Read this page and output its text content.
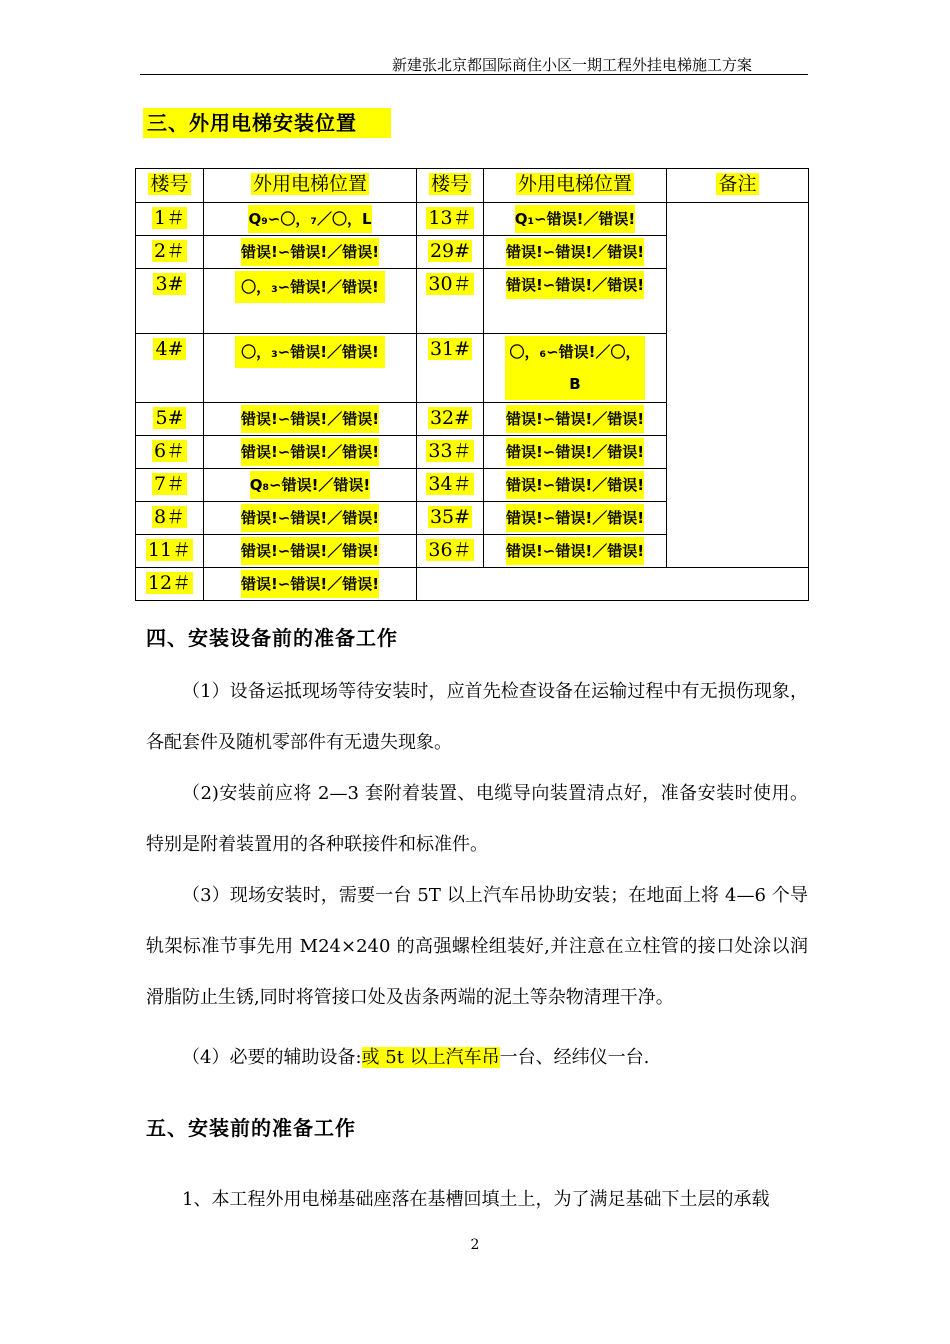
新建张北京都国际商住小区一期工程外挂电梯施工方案
三、外用电梯安装位置
楼号	外用电梯位置	楼号	外用电梯位置	备注
1＃	Q₉∽〇，₇／〇，L	13＃	Q₁∽错误!／错误!	
2＃	错误!∽错误!／错误!	29#	错误!∽错误!／错误!	
3#	〇，₃∽错误!／错误!	30＃	错误!∽错误!／错误!	
4#	〇，₃∽错误!／错误!	31#	〇，₆∽错误!／〇，B	
5#	错误!∽错误!／错误!	32#	错误!∽错误!／错误!	
6＃	错误!∽错误!／错误!	33＃	错误!∽错误!／错误!	
7＃	Q₈∽错误!／错误!	34＃	错误!∽错误!／错误!	
8＃	错误!∽错误!／错误!	35#	错误!∽错误!／错误!	
11＃	错误!∽错误!／错误!	36＃	错误!∽错误!／错误!	
12＃	错误!∽错误!／错误!			
四、安装设备前的准备工作

（1）设备运抵现场等待安装时，应首先检查设备在运输过程中有无损伤现象，各配套件及随机零部件有无遗失现象。

（2)安装前应将 2—3 套附着装置、电缆导向装置清点好，准备安装时使用。特别是附着装置用的各种联接件和标准件。

（3）现场安装时，需要一台 5T 以上汽车吊协助安装；在地面上将 4—6 个导轨架标准节事先用 M24×240 的高强螺栓组装好,并注意在立柱管的接口处涂以润滑脂防止生锈,同时将管接口处及齿条两端的泥土等杂物清理干净。

（4）必要的辅助设备:或 5t 以上汽车吊一台、经纬仪一台.

五、安装前的准备工作

1、本工程外用电梯基础座落在基槽回填土上，为了满足基础下土层的承载

2
